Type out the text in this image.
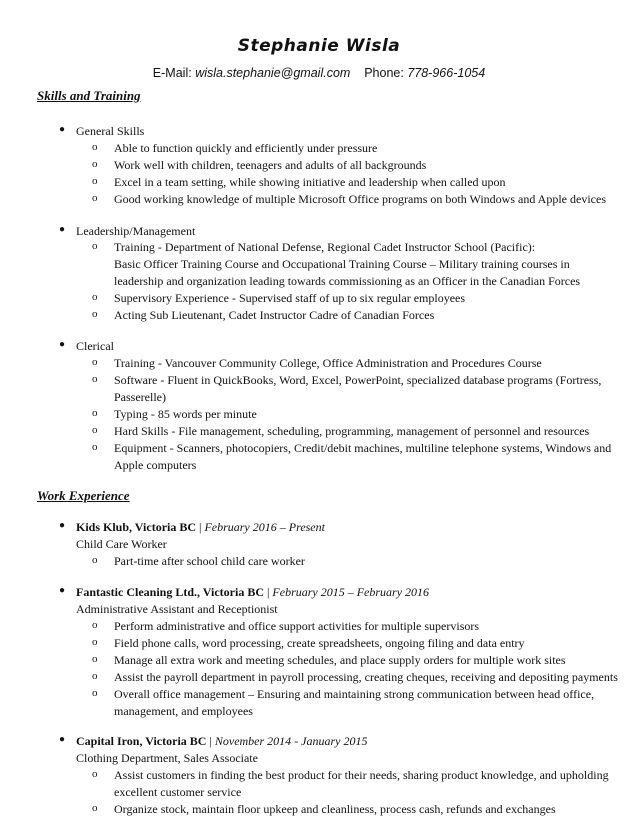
Stephanie Wisla
E-Mail: wisla.stephanie@gmail.com Phone: 778-966-1054
Skills and Training
● General Skills
o Able to function quickly and efficiently under pressure
o Work well with children, teenagers and adults of all backgrounds
o Excel in a team setting, while showing initiative and leadership when called upon
o Good working knowledge of multiple Microsoft Office programs on both Windows and Apple devices
● Leadership/Management
o Training - Department of National Defense, Regional Cadet Instructor School (Pacific):
Basic Officer Training Course and Occupational Training Course – Military training courses in
leadership and organization leading towards commissioning as an Officer in the Canadian Forces
o Supervisory Experience - Supervised staff of up to six regular employees
o Acting Sub Lieutenant, Cadet Instructor Cadre of Canadian Forces
● Clerical
o Training - Vancouver Community College, Office Administration and Procedures Course
o Software - Fluent in QuickBooks, Word, Excel, PowerPoint, specialized database programs (Fortress,
Passerelle)
o Typing - 85 words per minute
o Hard Skills - File management, scheduling, programming, management of personnel and resources
o Equipment - Scanners, photocopiers, Credit/debit machines, multiline telephone systems, Windows and
Apple computers
Work Experience
● Kids Klub, Victoria BC | February 2016 – Present
Child Care Worker
o Part-time after school child care worker
● Fantastic Cleaning Ltd., Victoria BC | February 2015 – February 2016
Administrative Assistant and Receptionist
o Perform administrative and office support activities for multiple supervisors
o Field phone calls, word processing, create spreadsheets, ongoing filing and data entry
o Manage all extra work and meeting schedules, and place supply orders for multiple work sites
o Assist the payroll department in payroll processing, creating cheques, receiving and depositing payments
o Overall office management – Ensuring and maintaining strong communication between head office,
management, and employees
● Capital Iron, Victoria BC | November 2014 - January 2015
Clothing Department, Sales Associate
o Assist customers in finding the best product for their needs, sharing product knowledge, and upholding
excellent customer service
o Organize stock, maintain floor upkeep and cleanliness, process cash, refunds and exchanges
